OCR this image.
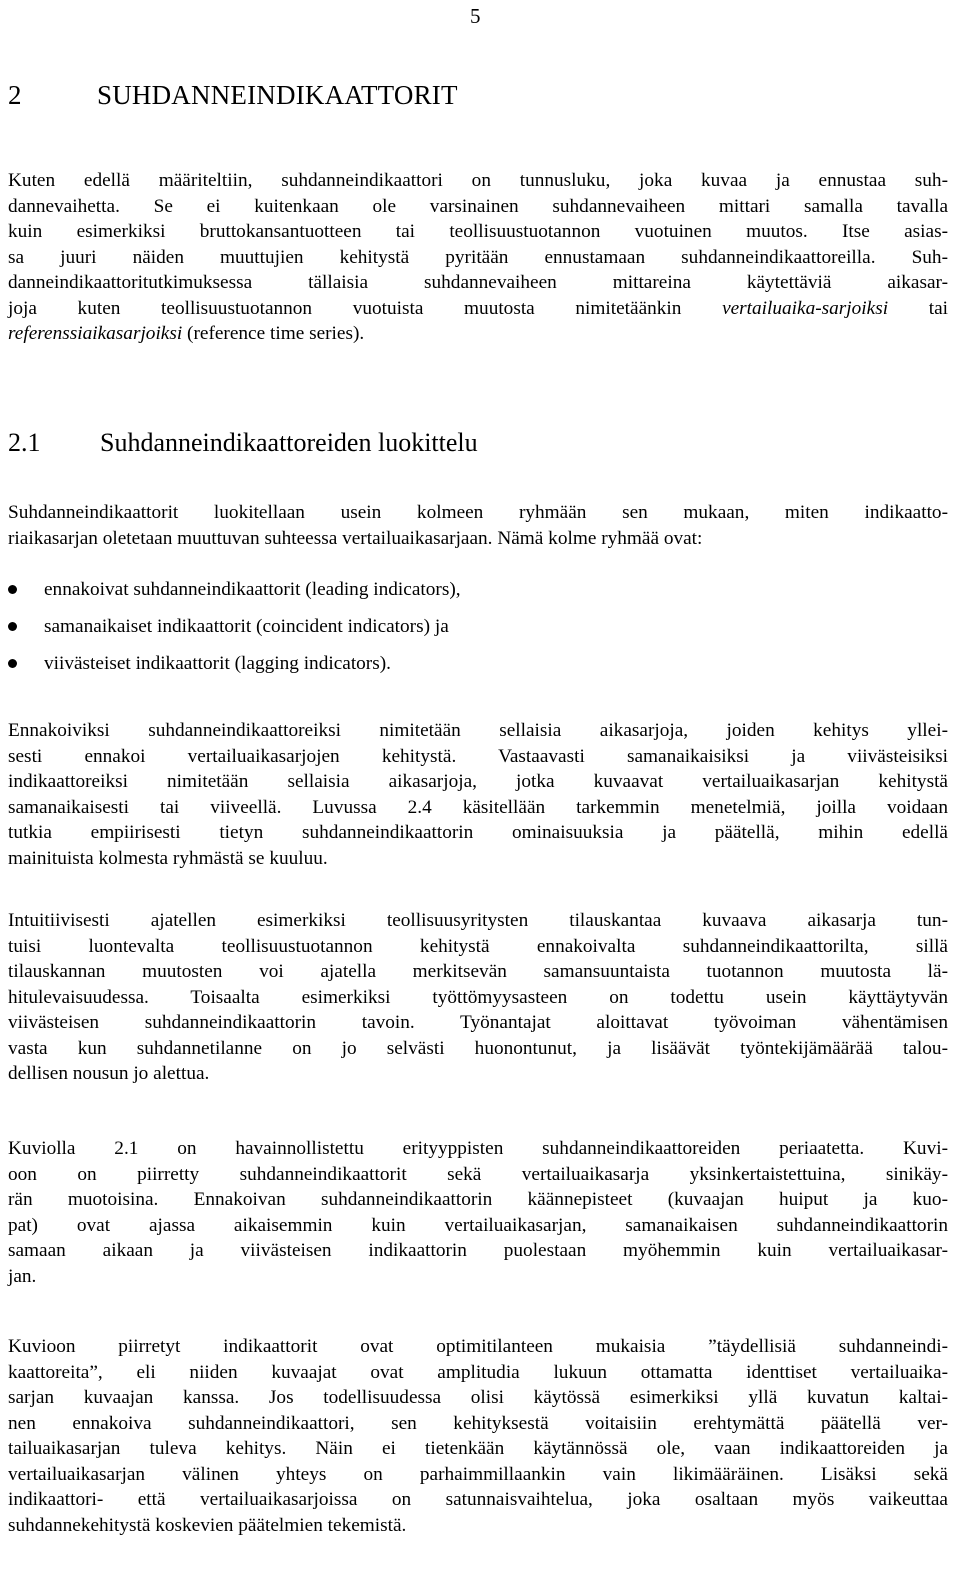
5
2	SUHDANNEINDIKAATTORIT
Kuten edellä määriteltiin, suhdanneindikaattori on tunnusluku, joka kuvaa ja ennustaa suh-
dannevaihetta. Se ei kuitenkaan ole varsinainen suhdannevaiheen mittari samalla tavalla
kuin esimerkiksi bruttokansantuotteen tai teollisuustuotannon vuotuinen muutos. Itse asias-
sa juuri näiden muuttujien kehitystä pyritään ennustamaan suhdanneindikaattoreilla. Suh-
danneindikaattoritutkimuksessa tällaisia suhdannevaiheen mittareina käytettäviä aikasar-
joja kuten teollisuustuotannon vuotuista muutosta nimitetäänkin vertailuaika-sarjoiksi tai
referenssiaikasarjoiksi (reference time series).
2.1 Suhdanneindikaattoreiden luokittelu
Suhdanneindikaattorit luokitellaan usein kolmeen ryhmään sen mukaan, miten indikaatto-
riaikasarjan oletetaan muuttuvan suhteessa vertailuaikasarjaan. Nämä kolme ryhmää ovat:
ennakoivat suhdanneindikaattorit (leading indicators),
samanaikaiset indikaattorit (coincident indicators) ja
viivästeiset indikaattorit (lagging indicators).
Ennakoiviksi suhdanneindikaattoreiksi nimitetään sellaisia aikasarjoja, joiden kehitys yllei-
sesti ennakoi vertailuaikasarjojen kehitystä. Vastaavasti samanaikaisiksi ja viivästeisiksi
indikaattoreiksi nimitetään sellaisia aikasarjoja, jotka kuvaavat vertailuaikasarjan kehitystä
samanaikaisesti tai viiveellä. Luvussa 2.4 käsitellään tarkemmin menetelmiä, joilla voidaan
tutkia empiirisesti tietyn suhdanneindikaattorin ominaisuuksia ja päätellä, mihin edellä
mainituista kolmesta ryhmästä se kuuluu.
Intuitiivisesti ajatellen esimerkiksi teollisuusyritysten tilauskantaa kuvaava aikasarja tun-
tuisi luontevalta teollisuustuotannon kehitystä ennakoivalta suhdanneindikaattorilta, sillä
tilauskannan muutosten voi ajatella merkitsevän samansuuntaista tuotannon muutosta lä-
hitulevaisuudessa. Toisaalta esimerkiksi työttömyysasteen on todettu usein käyttäytyvän
viivästeisen suhdanneindikaattorin tavoin. Työnantajat aloittavat työvoiman vähentämisen
vasta kun suhdannetilanne on jo selvästi huonontunut, ja lisäävät työntekijämäärää talou-
dellisen nousun jo alettua.
Kuviolla 2.1 on havainnollistettu erityyppisten suhdanneindikaattoreiden periaatetta. Kuvi-
oon on piirretty suhdanneindikaattorit sekä vertailuaikasarja yksinkertaistettuina, sinikäy-
rän muotoisina. Ennakoivan suhdanneindikaattorin käännepisteet (kuvaajan huiput ja kuo-
pat) ovat ajassa aikaisemmin kuin vertailuaikasarjan, samanaikaisen suhdanneindikaattorin
samaan aikaan ja viivästeisen indikaattorin puolestaan myöhemmin kuin vertailuaikasar-
jan.
Kuvioon piirretyt indikaattorit ovat optimitilanteen mukaisia ”täydellisiä suhdanneindi-
kaattoreita”, eli niiden kuvaajat ovat amplitudia lukuun ottamatta identtiset vertailuaika-
sarjan kuvaajan kanssa. Jos todellisuudessa olisi käytössä esimerkiksi yllä kuvatun kaltai-
nen ennakoiva suhdanneindikaattori, sen kehityksestä voitaisiin erehtymättä päätellä ver-
tailuaikasarjan tuleva kehitys. Näin ei tietenkään käytännössä ole, vaan indikaattoreiden ja
vertailuaikasarjan välinen yhteys on parhaimmillaankin vain likimääräinen. Lisäksi sekä
indikaattori- että vertailuaikasarjoissa on satunnaisvaihtelua, joka osaltaan myös vaikeuttaa
suhdannekehitystä koskevien päätelmien tekemistä.
